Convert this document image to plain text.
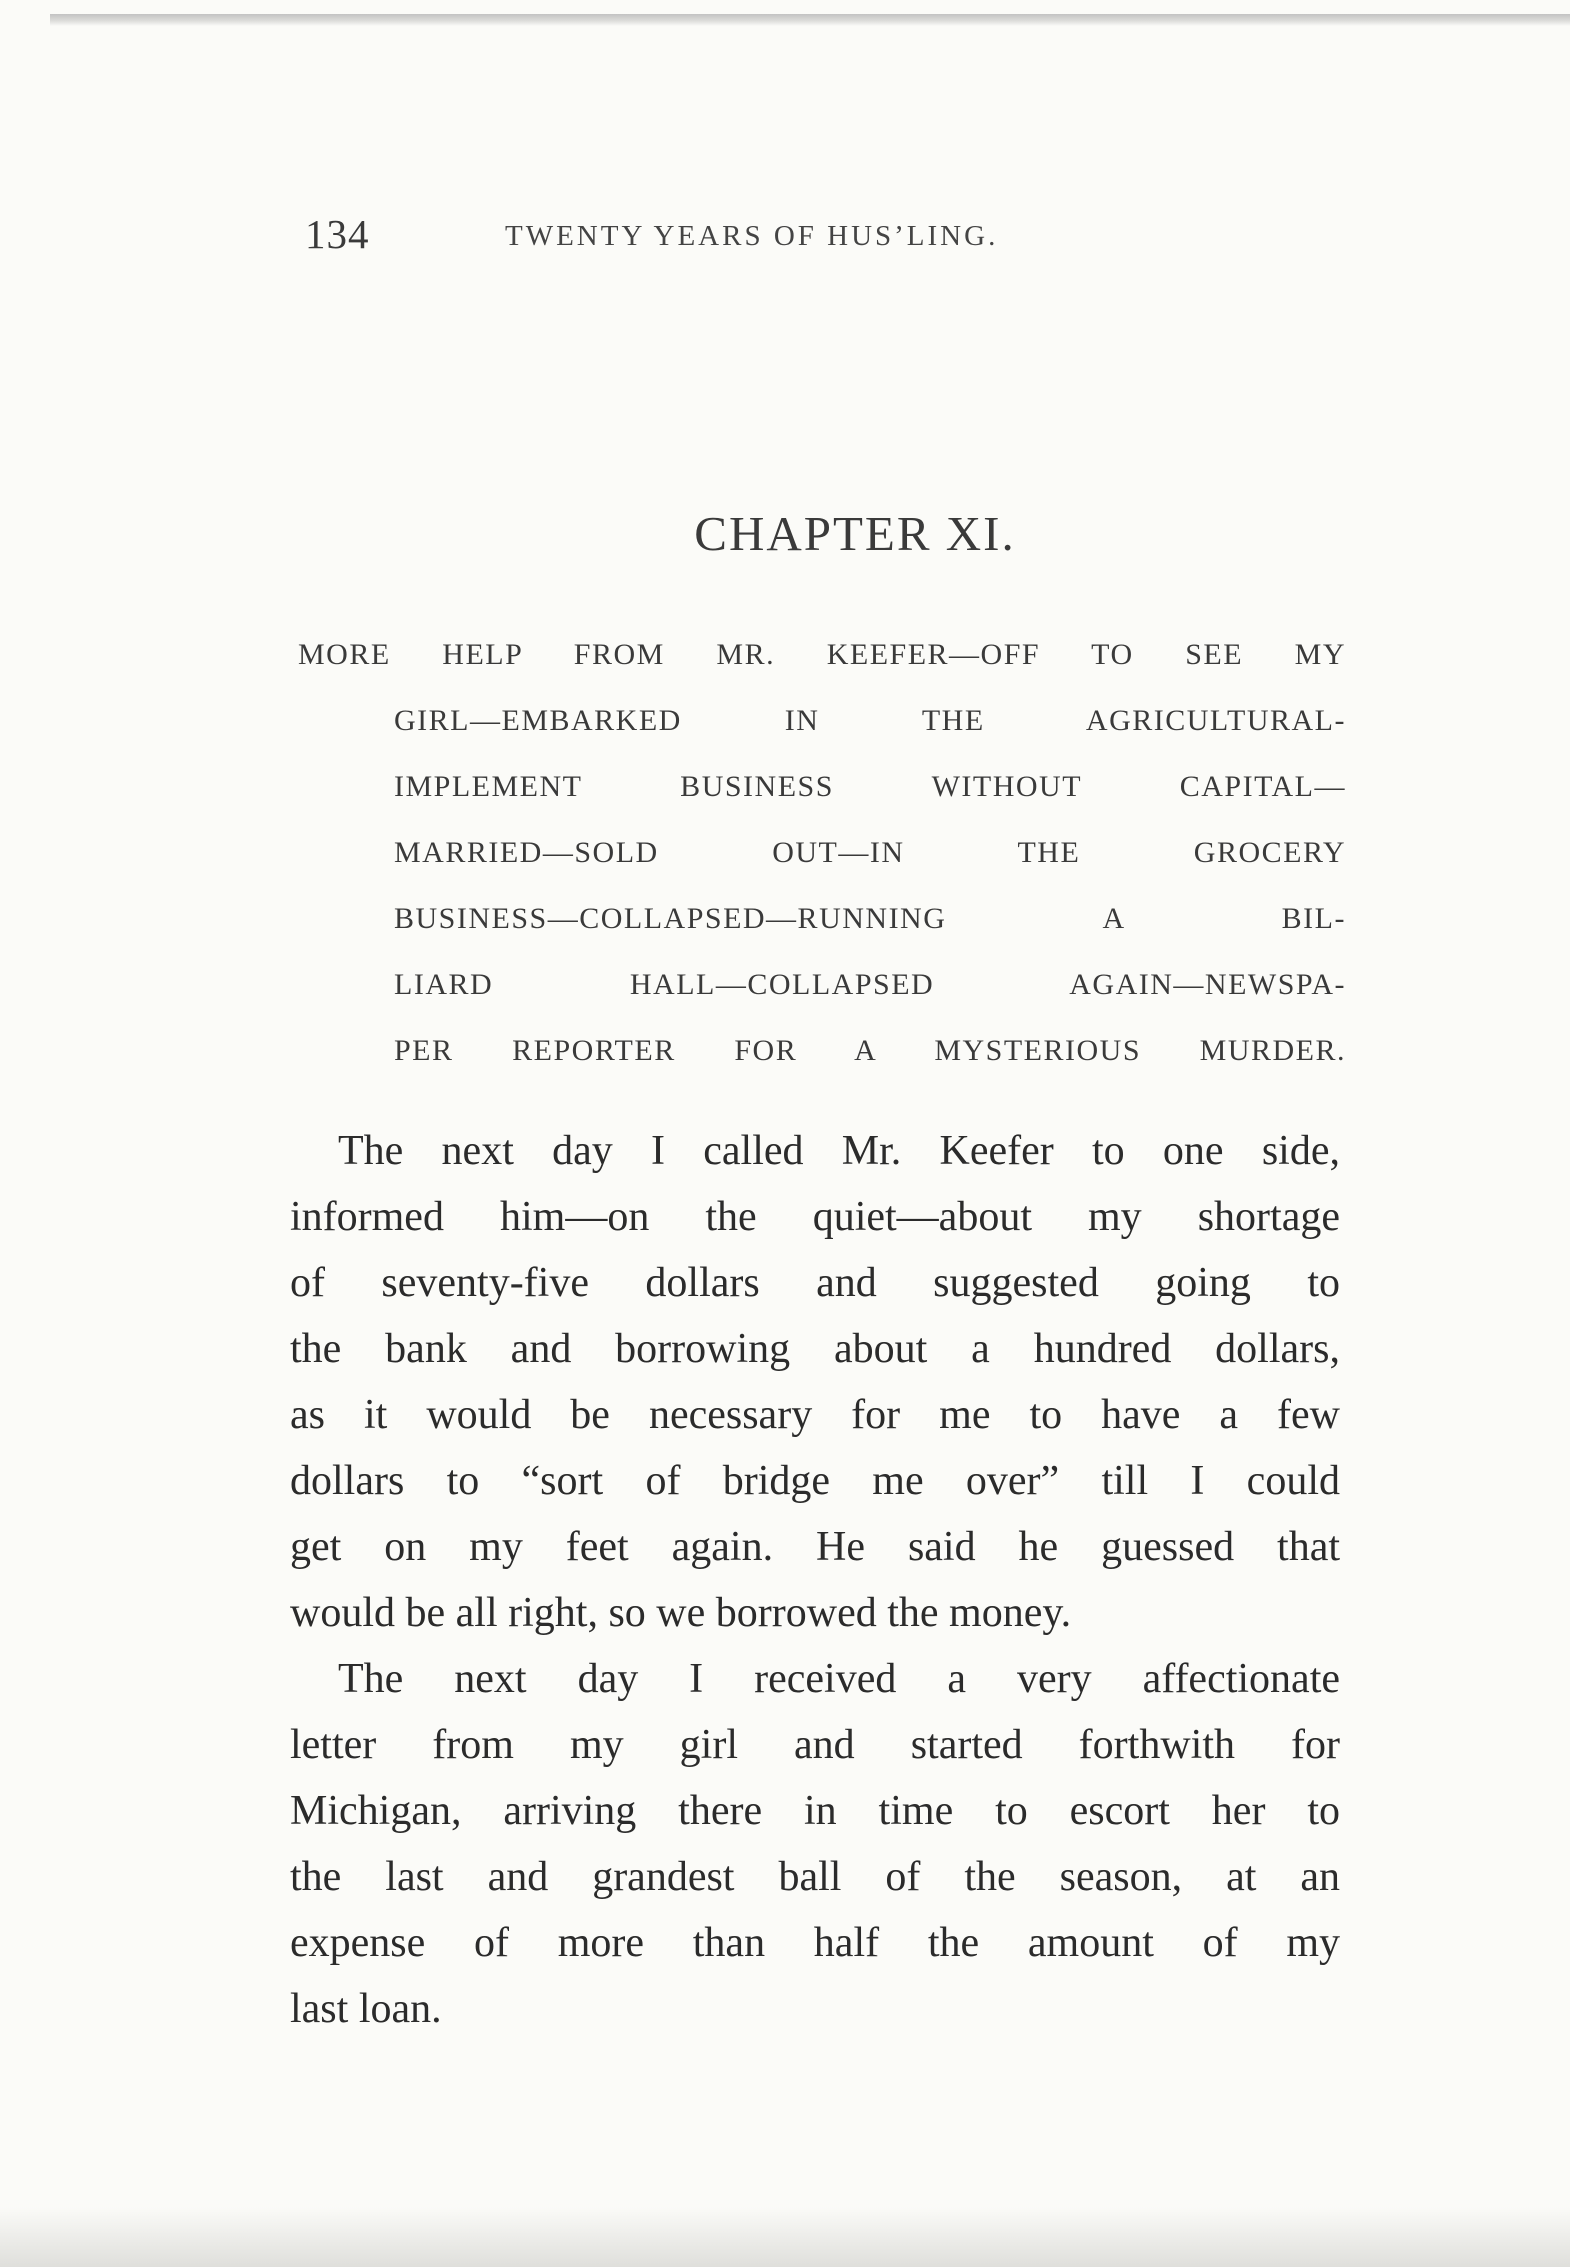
134	TWENTY YEARS OF HUS’LING.
CHAPTER XI.
MORE HELP FROM MR. KEEFER—OFF TO SEE MY
GIRL—EMBARKED IN THE AGRICULTURAL-
IMPLEMENT BUSINESS WITHOUT CAPITAL—
MARRIED—SOLD OUT—IN THE GROCERY
BUSINESS—COLLAPSED—RUNNING A BIL-
LIARD HALL—COLLAPSED AGAIN—NEWSPA-
PER REPORTER FOR A MYSTERIOUS MURDER.
The next day I called Mr. Keefer to one side,
informed him—on the quiet—about my shortage
of seventy-five dollars and suggested going to
the bank and borrowing about a hundred dollars,
as it would be necessary for me to have a few
dollars to “sort of bridge me over” till I could
get on my feet again. He said he guessed that
would be all right, so we borrowed the money.
The next day I received a very affectionate
letter from my girl and started forthwith for
Michigan, arriving there in time to escort her to
the last and grandest ball of the season, at an
expense of more than half the amount of my
last loan.
